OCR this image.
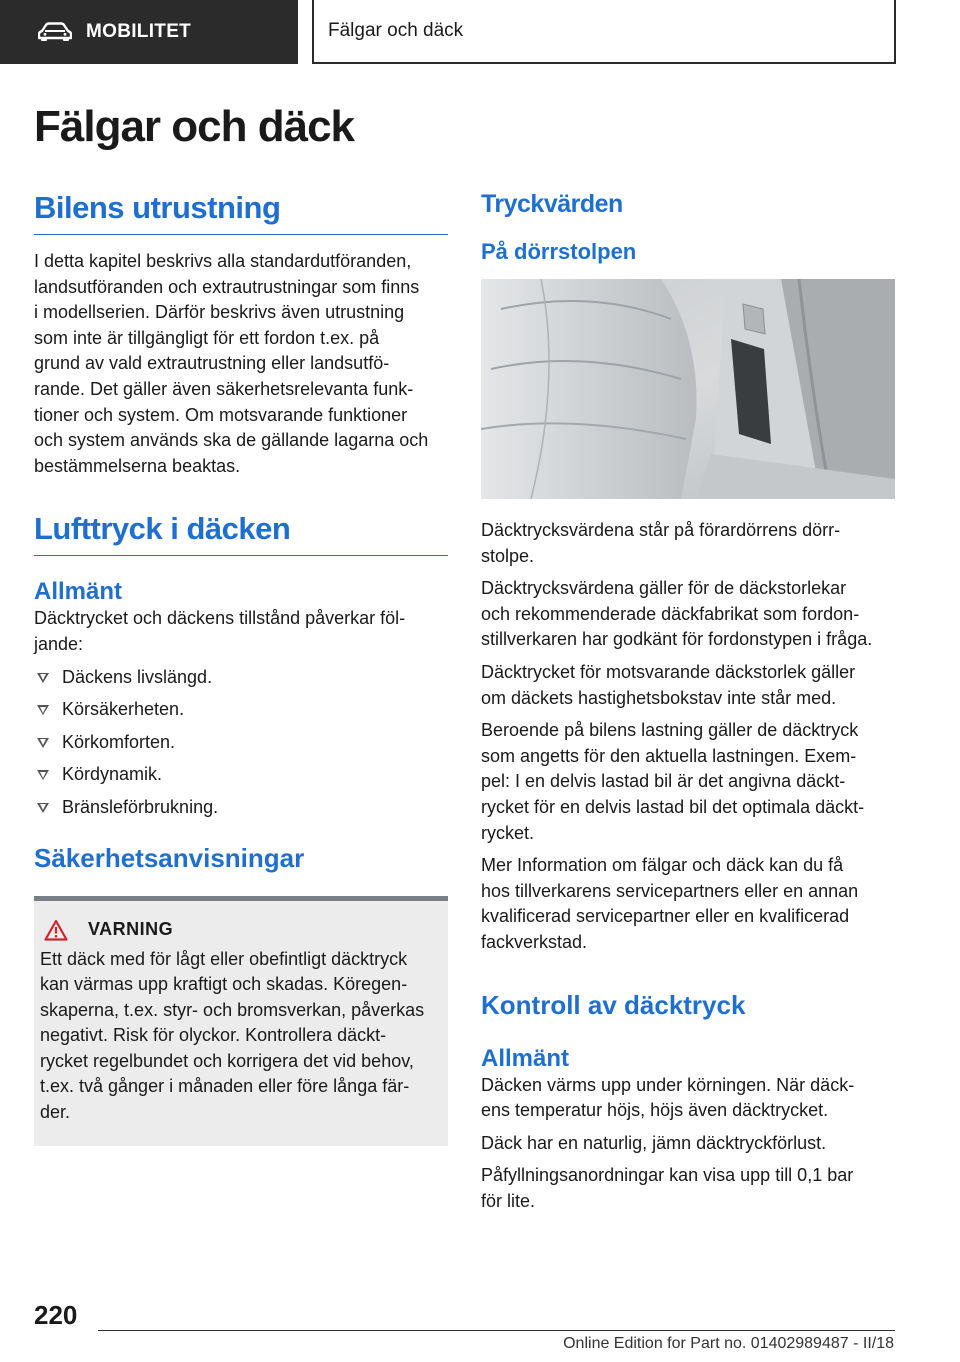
MOBILITET	Fälgar och däck
Fälgar och däck
Bilens utrustning

I detta kapitel beskrivs alla standardutföranden,
landsutföranden och extrautrustningar som finns
i modellserien. Därför beskrivs även utrustning
som inte är tillgängligt för ett fordon t.ex. på
grund av vald extrautrustning eller landsutfö-
rande. Det gäller även säkerhetsrelevanta funk-
tioner och system. Om motsvarande funktioner
och system används ska de gällande lagarna och
bestämmelserna beaktas.

Lufttryck i däcken
Allmänt

Däcktrycket och däckens tillstånd påverkar föl-
jande:

Däckens livslängd.
Körsäkerheten.
Körkomforten.
Kördynamik.
Bränsleförbrukning.
Säkerhetsanvisningar
VARNING

Ett däck med för lågt eller obefintligt däcktryck
kan värmas upp kraftigt och skadas. Köregen-
skaperna, t.ex. styr- och bromsverkan, påverkas
negativt. Risk för olyckor. Kontrollera däckt-
rycket regelbundet och korrigera det vid behov,
t.ex. två gånger i månaden eller före långa fär-
der.

Tryckvärden
På dörrstolpen

Däcktrycksvärdena står på förardörrens dörr-
stolpe.

Däcktrycksvärdena gäller för de däckstorlekar
och rekommenderade däckfabrikat som fordon-
stillverkaren har godkänt för fordonstypen i fråga.

Däcktrycket för motsvarande däckstorlek gäller
om däckets hastighetsbokstav inte står med.

Beroende på bilens lastning gäller de däcktryck
som angetts för den aktuella lastningen. Exem-
pel: I en delvis lastad bil är det angivna däckt-
rycket för en delvis lastad bil det optimala däckt-
rycket.

Mer Information om fälgar och däck kan du få
hos tillverkarens servicepartners eller en annan
kvalificerad servicepartner eller en kvalificerad
fackverkstad.

Kontroll av däcktryck
Allmänt

Däcken värms upp under körningen. När däck-
ens temperatur höjs, höjs även däcktrycket.

Däck har en naturlig, jämn däcktryckförlust.

Påfyllningsanordningar kan visa upp till 0,1 bar
för lite.

220
Online Edition for Part no. 01402989487 - II/18
